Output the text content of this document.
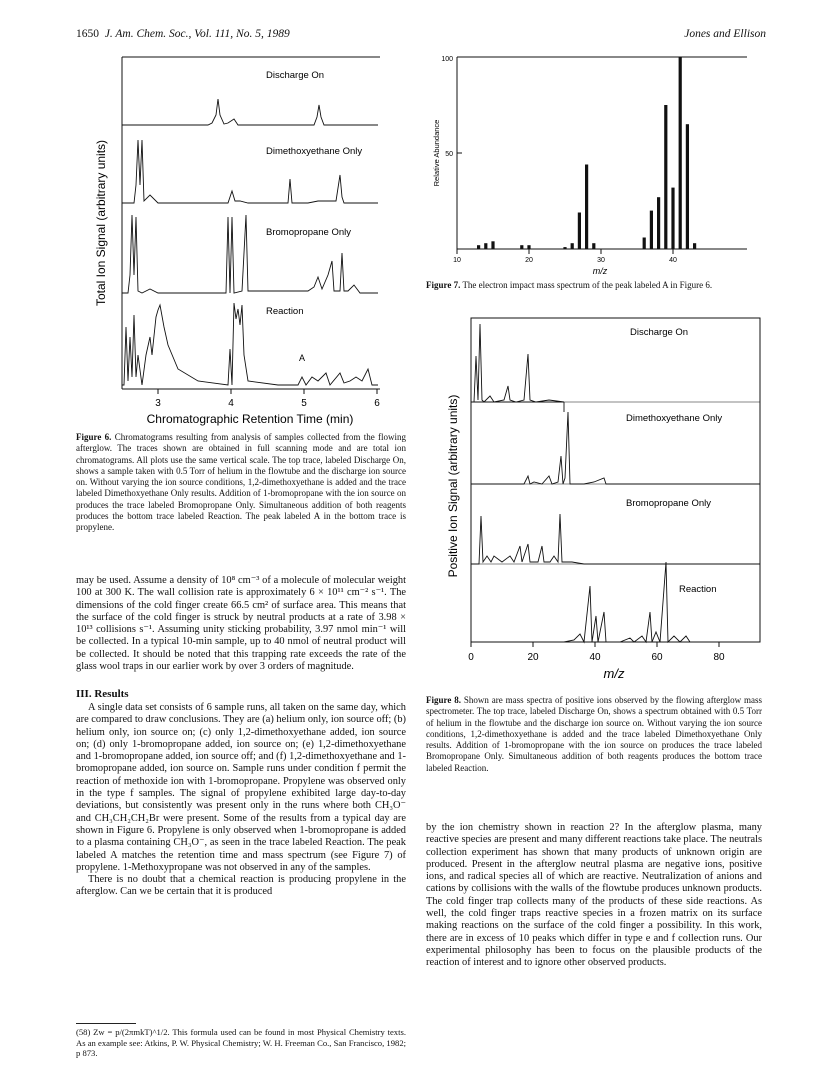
1650 J. Am. Chem. Soc., Vol. 111, No. 5, 1989	Jones and Ellison
3	4	5	6
Chromatographic Retention Time (min)
Total Ion Signal (arbitrary units)
Discharge On
Dimethoxyethane Only
Bromopropane Only
Reaction
A

Figure 6. Chromatograms resulting from analysis of samples collected from the flowing afterglow. The traces shown are obtained in full scanning mode and are total ion chromatograms. All plots use the same vertical scale. The top trace, labeled Discharge On, shows a sample taken with 0.5 Torr of helium in the flowtube and the discharge ion source on. Without varying the ion source conditions, 1,2-dimethoxyethane is added and the trace labeled Dimethoxyethane Only results. Addition of 1-bromopropane with the ion source on produces the trace labeled Bromopropane Only. Simultaneous addition of both reagents produces the bottom trace labeled Reaction. The peak labeled A in the bottom trace is propylene.

100
50
Relative Abundance
10	20	30	40
m/z

Figure 7. The electron impact mass spectrum of the peak labeled A in Figure 6.

0	20	40	60	80
m/z
Positive Ion Signal (arbitrary units)
Discharge On
Dimethoxyethane Only
Bromopropane Only
Reaction

Figure 8. Shown are mass spectra of positive ions observed by the flowing afterglow mass spectrometer. The top trace, labeled Discharge On, shows a spectrum obtained with 0.5 Torr of helium in the flowtube and the discharge ion source on. Without varying the ion source conditions, 1,2-dimethoxyethane is added and the trace labeled Dimethoxyethane Only results. Addition of 1-bromopropane with the ion source on produces the trace labeled Bromopropane Only. Simultaneous addition of both reagents produces the bottom trace labeled Reaction.

may be used. Assume a density of 10⁸ cm⁻³ of a molecule of molecular weight 100 at 300 K. The wall collision rate is approximately 6 × 10¹¹ cm⁻² s⁻¹. The dimensions of the cold finger create 66.5 cm² of surface area. This means that the surface of the cold finger is struck by neutral products at a rate of 3.98 × 10¹³ collisions s⁻¹. Assuming unity sticking probability, 3.97 nmol min⁻¹ will be collected. In a typical 10-min sample, up to 40 nmol of neutral product will be collected. It should be noted that this trapping rate exceeds the rate of the glass wool traps in our earlier work by over 3 orders of magnitude.

III. Results

A single data set consists of 6 sample runs, all taken on the same day, which are compared to draw conclusions. They are (a) helium only, ion source off; (b) helium only, ion source on; (c) only 1,2-dimethoxyethane added, ion source on; (d) only 1-bromopropane added, ion source on; (e) 1,2-dimethoxyethane and 1-bromopropane added, ion source off; and (f) 1,2-dimethoxyethane and 1-bromopropane added, ion source on. Sample runs under condition f permit the reaction of methoxide ion with 1-bromopropane. Propylene was observed only in the type f samples. The signal of propylene exhibited large day-to-day deviations, but consistently was present only in the runs where both CH₃O⁻ and CH₃CH₂CH₂Br were present. Some of the results from a typical day are shown in Figure 6. Propylene is only observed when 1-bromopropane is added to a plasma containing CH₃O⁻, as seen in the trace labeled Reaction. The peak labeled A matches the retention time and mass spectrum (see Figure 7) of propylene. 1-Methoxypropane was not observed in any of the samples.

There is no doubt that a chemical reaction is producing propylene in the afterglow. Can we be certain that it is produced

(58) Zw = p/(2πmkT)^1/2. This formula used can be found in most Physical Chemistry texts. As an example see: Atkins, P. W. Physical Chemistry; W. H. Freeman Co., San Francisco, 1982; p 873.

by the ion chemistry shown in reaction 2? In the afterglow plasma, many reactive species are present and many different reactions take place. The neutrals collection experiment has shown that many products of unknown origin are produced. Present in the afterglow neutral plasma are negative ions, positive ions, and radical species all of which are reactive. Neutralization of anions and cations by collisions with the walls of the flowtube produces unknown products. The cold finger trap collects many of the products of these side reactions. As well, the cold finger traps reactive species in a frozen matrix on its surface making reactions on the surface of the cold finger a possibility. In this work, there are in excess of 10 peaks which differ in type e and f collection runs. Our experimental philosophy has been to focus on the plausible products of the reaction of interest and to ignore other observed products.
